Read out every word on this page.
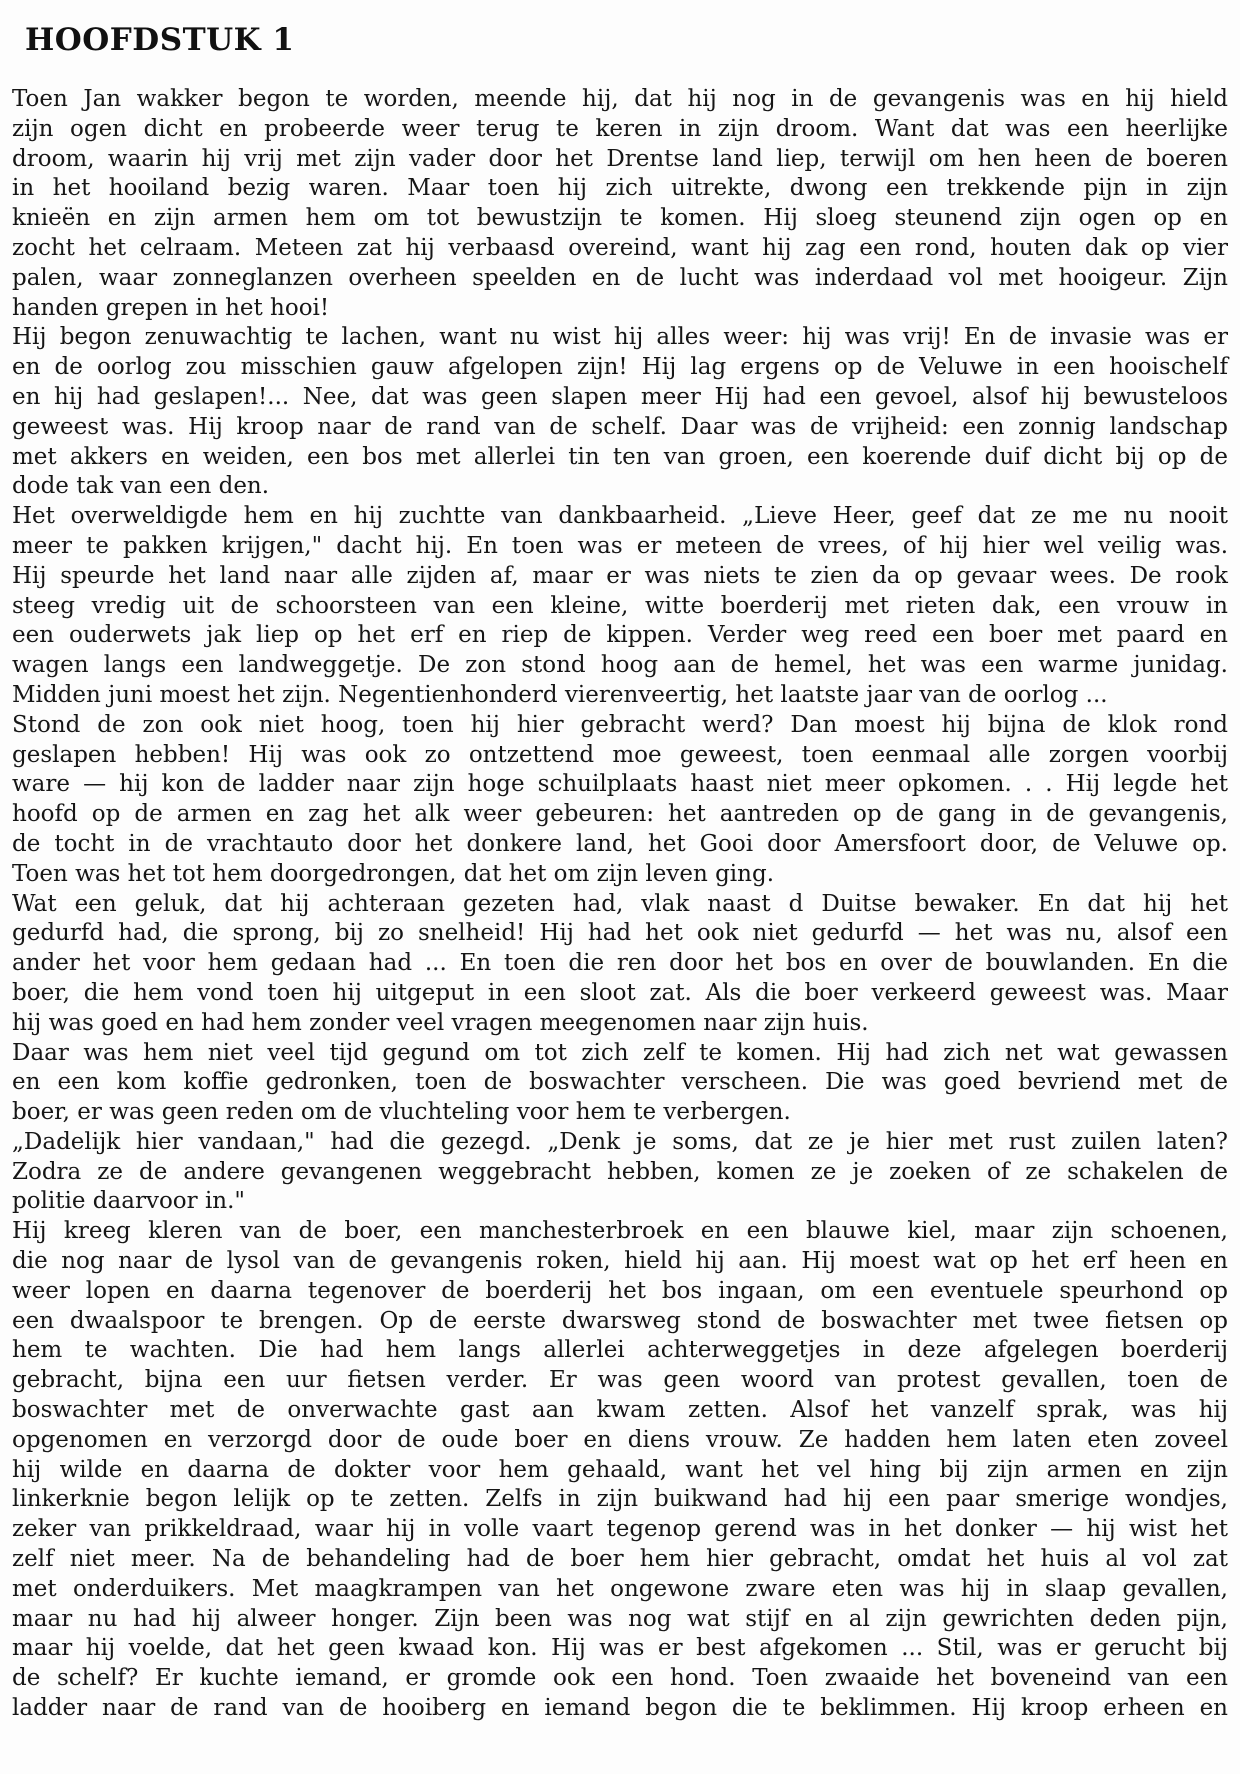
HOOFDSTUK 1
Toen Jan wakker begon te worden, meende hij, dat hij nog in de gevangenis was en hij hield
zijn ogen dicht en probeerde weer terug te keren in zijn droom. Want dat was een heerlijke
droom, waarin hij vrij met zijn vader door het Drentse land liep, terwijl om hen heen de boeren
in het hooiland bezig waren. Maar toen hij zich uitrekte, dwong een trekkende pijn in zijn
knieën en zijn armen hem om tot bewustzijn te komen. Hij sloeg steunend zijn ogen op en
zocht het celraam. Meteen zat hij verbaasd overeind, want hij zag een rond, houten dak op vier
palen, waar zonneglanzen overheen speelden en de lucht was inderdaad vol met hooigeur. Zijn
handen grepen in het hooi!
Hij begon zenuwachtig te lachen, want nu wist hij alles weer: hij was vrij! En de invasie was er
en de oorlog zou misschien gauw afgelopen zijn! Hij lag ergens op de Veluwe in een hooischelf
en hij had geslapen!... Nee, dat was geen slapen meer Hij had een gevoel, alsof hij bewusteloos
geweest was. Hij kroop naar de rand van de schelf. Daar was de vrijheid: een zonnig landschap
met akkers en weiden, een bos met allerlei tin ten van groen, een koerende duif dicht bij op de
dode tak van een den.
Het overweldigde hem en hij zuchtte van dankbaarheid. „Lieve Heer, geef dat ze me nu nooit
meer te pakken krijgen," dacht hij. En toen was er meteen de vrees, of hij hier wel veilig was.
Hij speurde het land naar alle zijden af, maar er was niets te zien da op gevaar wees. De rook
steeg vredig uit de schoorsteen van een kleine, witte boerderij met rieten dak, een vrouw in
een ouderwets jak liep op het erf en riep de kippen. Verder weg reed een boer met paard en
wagen langs een landweggetje. De zon stond hoog aan de hemel, het was een warme junidag.
Midden juni moest het zijn. Negentienhonderd vierenveertig, het laatste jaar van de oorlog ...
Stond de zon ook niet hoog, toen hij hier gebracht werd? Dan moest hij bijna de klok rond
geslapen hebben! Hij was ook zo ontzettend moe geweest, toen eenmaal alle zorgen voorbij
ware — hij kon de ladder naar zijn hoge schuilplaats haast niet meer opkomen. . . Hij legde het
hoofd op de armen en zag het alk weer gebeuren: het aantreden op de gang in de gevangenis,
de tocht in de vrachtauto door het donkere land, het Gooi door Amersfoort door, de Veluwe op.
Toen was het tot hem doorgedrongen, dat het om zijn leven ging.
Wat een geluk, dat hij achteraan gezeten had, vlak naast d Duitse bewaker. En dat hij het
gedurfd had, die sprong, bij zo snelheid! Hij had het ook niet gedurfd — het was nu, alsof een
ander het voor hem gedaan had ... En toen die ren door het bos en over de bouwlanden. En die
boer, die hem vond toen hij uitgeput in een sloot zat. Als die boer verkeerd geweest was. Maar
hij was goed en had hem zonder veel vragen meegenomen naar zijn huis.
Daar was hem niet veel tijd gegund om tot zich zelf te komen. Hij had zich net wat gewassen
en een kom koffie gedronken, toen de boswachter verscheen. Die was goed bevriend met de
boer, er was geen reden om de vluchteling voor hem te verbergen.
„Dadelijk hier vandaan," had die gezegd. „Denk je soms, dat ze je hier met rust zuilen laten?
Zodra ze de andere gevangenen weggebracht hebben, komen ze je zoeken of ze schakelen de
politie daarvoor in."
Hij kreeg kleren van de boer, een manchesterbroek en een blauwe kiel, maar zijn schoenen,
die nog naar de lysol van de gevangenis roken, hield hij aan. Hij moest wat op het erf heen en
weer lopen en daarna tegenover de boerderij het bos ingaan, om een eventuele speurhond op
een dwaalspoor te brengen. Op de eerste dwarsweg stond de boswachter met twee fietsen op
hem te wachten. Die had hem langs allerlei achterweggetjes in deze afgelegen boerderij
gebracht, bijna een uur fietsen verder. Er was geen woord van protest gevallen, toen de
boswachter met de onverwachte gast aan kwam zetten. Alsof het vanzelf sprak, was hij
opgenomen en verzorgd door de oude boer en diens vrouw. Ze hadden hem laten eten zoveel
hij wilde en daarna de dokter voor hem gehaald, want het vel hing bij zijn armen en zijn
linkerknie begon lelijk op te zetten. Zelfs in zijn buikwand had hij een paar smerige wondjes,
zeker van prikkeldraad, waar hij in volle vaart tegenop gerend was in het donker — hij wist het
zelf niet meer. Na de behandeling had de boer hem hier gebracht, omdat het huis al vol zat
met onderduikers. Met maagkrampen van het ongewone zware eten was hij in slaap gevallen,
maar nu had hij alweer honger. Zijn been was nog wat stijf en al zijn gewrichten deden pijn,
maar hij voelde, dat het geen kwaad kon. Hij was er best afgekomen ... Stil, was er gerucht bij
de schelf? Er kuchte iemand, er gromde ook een hond. Toen zwaaide het boveneind van een
ladder naar de rand van de hooiberg en iemand begon die te beklimmen. Hij kroop erheen en
